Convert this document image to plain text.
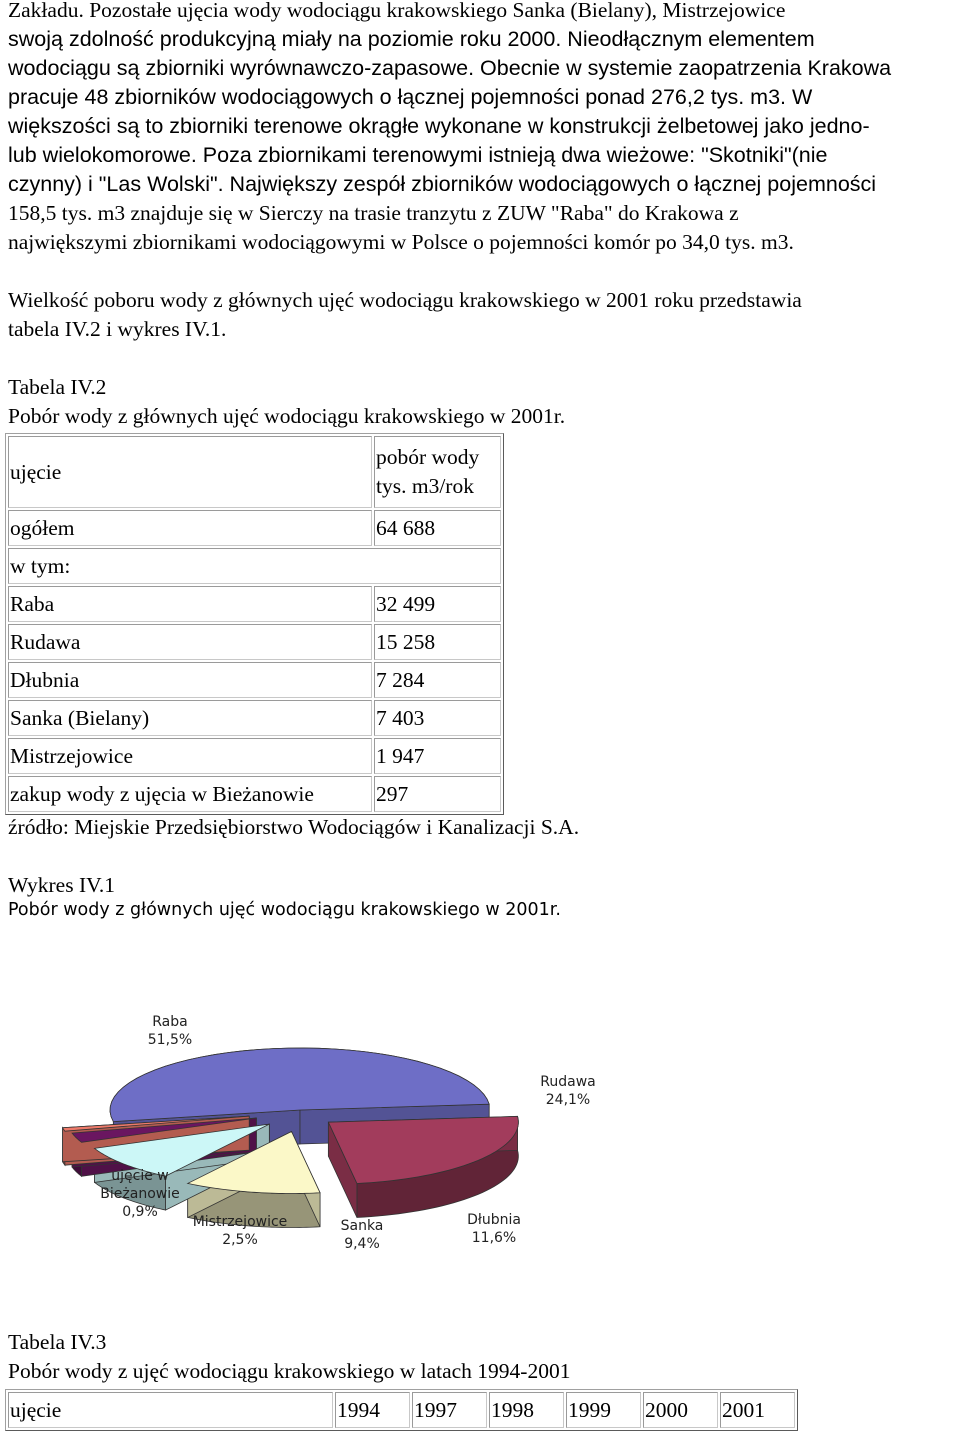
Zakładu. Pozostałe ujęcia wody wodociągu krakowskiego Sanka (Bielany), Mistrzejowice
swoją zdolność produkcyjną miały na poziomie roku 2000. Nieodłącznym elementem
wodociągu są zbiorniki wyrównawczo-zapasowe. Obecnie w systemie zaopatrzenia Krakowa
pracuje 48 zbiorników wodociągowych o łącznej pojemności ponad 276,2 tys. m3. W
większości są to zbiorniki terenowe okrągłe wykonane w konstrukcji żelbetowej jako jedno-
lub wielokomorowe. Poza zbiornikami terenowymi istnieją dwa wieżowe: "Skotniki"(nie
czynny) i "Las Wolski". Największy zespół zbiorników wodociągowych o łącznej pojemności
158,5 tys. m3 znajduje się w Sierczy na trasie tranzytu z ZUW "Raba" do Krakowa z
największymi zbiornikami wodociągowymi w Polsce o pojemności komór po 34,0 tys. m3.
Wielkość poboru wody z głównych ujęć wodociągu krakowskiego w 2001 roku przedstawia
tabela IV.2 i wykres IV.1.
Tabela IV.2
Pobór wody z głównych ujęć wodociągu krakowskiego w 2001r.
ujęcie	pobór wody
tys. m3/rok

ogółem	64 688
w tym:	
Raba	32 499
Rudawa	15 258
Dłubnia	7 284
Sanka (Bielany)	7 403
Mistrzejowice	1 947
zakup wody z ujęcia w Bieżanowie	297
źródło: Miejskie Przedsiębiorstwo Wodociągów i Kanalizacji S.A.
Wykres IV.1
Pobór wody z głównych ujęć wodociągu krakowskiego w 2001r.
Raba 51,5%
Rudawa 24,1%
Dłubnia 11,6%
Sanka 9,4%
Mistrzejowice 2,5%
ujęcie w Bieżanowie 0,9%
Tabela IV.3
Pobór wody z ujęć wodociągu krakowskiego w latach 1994-2001
ujęcie	1994	1997	1998	1999	2000	2001
